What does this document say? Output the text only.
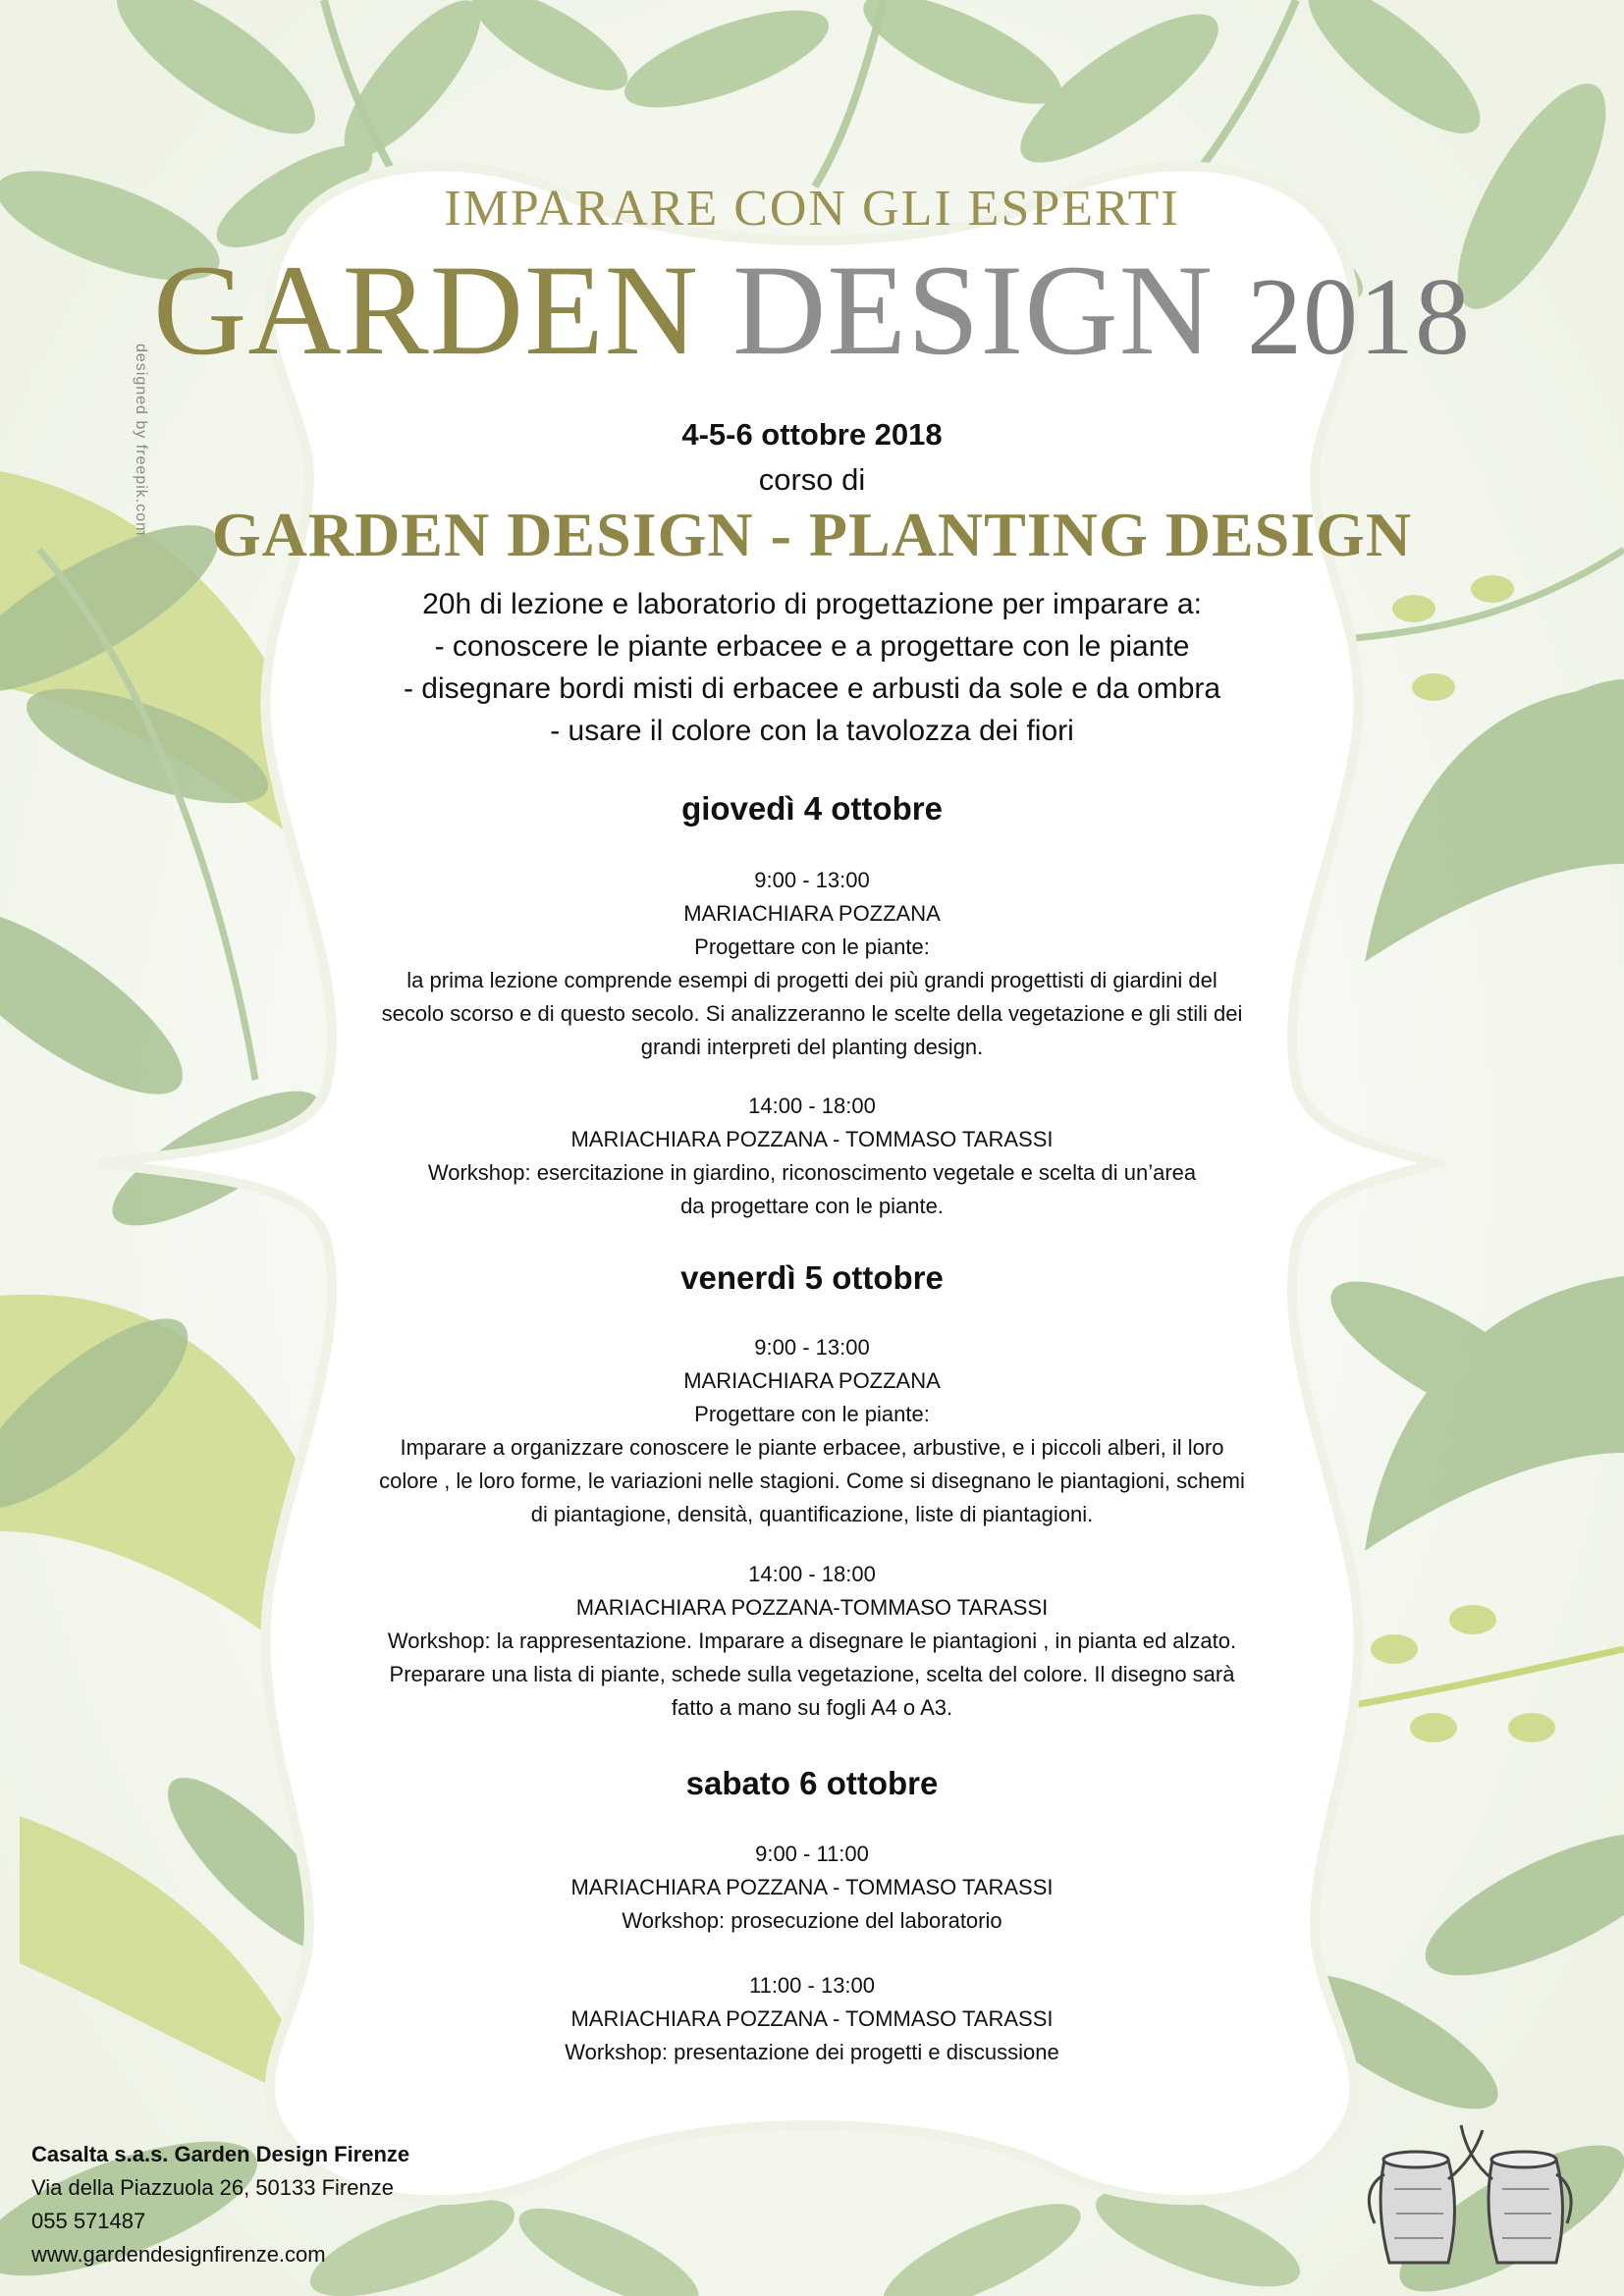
designed by freepik.com
IMPARARE CON GLI ESPERTI
GARDEN DESIGN 2018
4-5-6 ottobre 2018
corso di
GARDEN DESIGN - PLANTING DESIGN
20h di lezione e laboratorio di progettazione per imparare a:
- conoscere le piante erbacee e a progettare con le piante
- disegnare bordi misti di erbacee e arbusti da sole e da ombra
- usare il colore con la tavolozza dei fiori
giovedì 4 ottobre
9:00 - 13:00
MARIACHIARA POZZANA
Progettare con le piante:
la prima lezione comprende esempi di progetti dei più grandi progettisti di giardini del
secolo scorso e di questo secolo. Si analizzeranno le scelte della vegetazione e gli stili dei
grandi interpreti del planting design.
14:00 - 18:00
MARIACHIARA POZZANA - TOMMASO TARASSI
Workshop: esercitazione in giardino, riconoscimento vegetale e scelta di un’area
da progettare con le piante.
venerdì 5 ottobre
9:00 - 13:00
MARIACHIARA POZZANA
Progettare con le piante:
Imparare a organizzare conoscere le piante erbacee, arbustive, e i piccoli alberi, il loro
colore , le loro forme, le variazioni nelle stagioni. Come si disegnano le piantagioni, schemi
di piantagione, densità, quantificazione, liste di piantagioni.
14:00 - 18:00
MARIACHIARA POZZANA-TOMMASO TARASSI
Workshop: la rappresentazione. Imparare a disegnare le piantagioni , in pianta ed alzato.
Preparare una lista di piante, schede sulla vegetazione, scelta del colore. Il disegno sarà
fatto a mano su fogli A4 o A3.
sabato 6 ottobre
9:00 - 11:00
MARIACHIARA POZZANA - TOMMASO TARASSI
Workshop: prosecuzione del laboratorio
11:00 - 13:00
MARIACHIARA POZZANA - TOMMASO TARASSI
Workshop: presentazione dei progetti e discussione
Casalta s.a.s. Garden Design Firenze
Via della Piazzuola 26, 50133 Firenze
055 571487
www.gardendesignfirenze.com
